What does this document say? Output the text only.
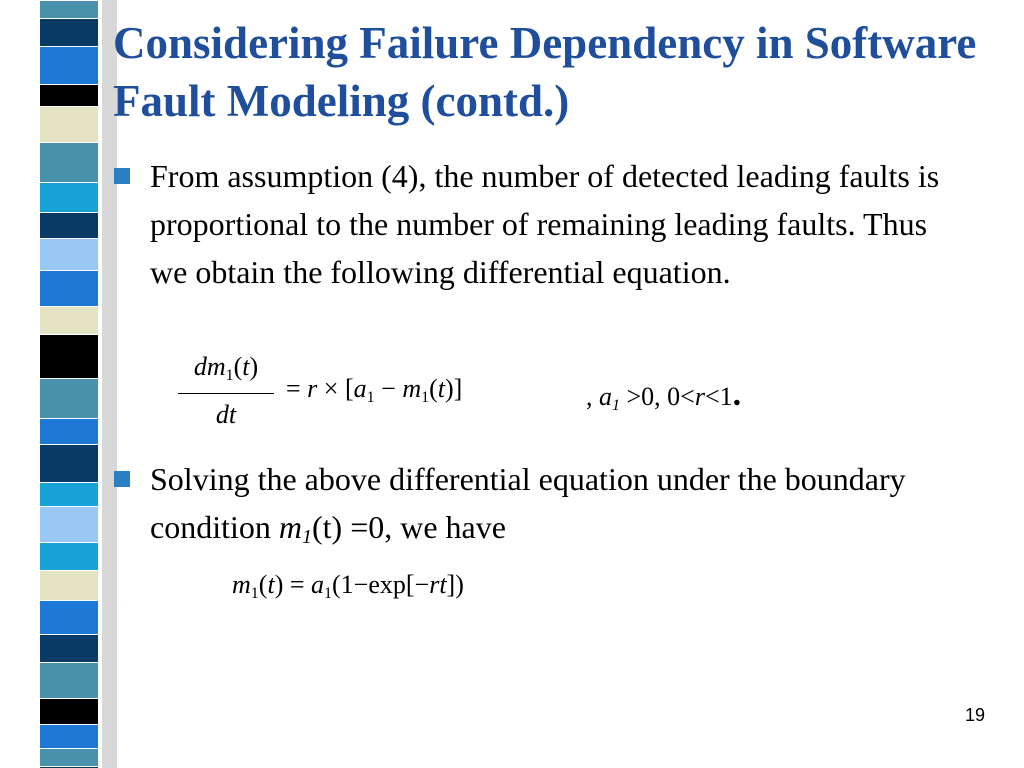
Considering Failure Dependency in Software Fault Modeling (contd.)
From assumption (4), the number of detected leading faults is proportional to the number of remaining leading faults. Thus we obtain the following differential equation.
$dm_1(t)$
dt
= $r \times [a_1 - m_1(t)]$	, $a_1 >0$, 0<r<1.
Solving the above differential equation under the boundary condition $m_1(t) =0$, we have
$m_1(t) = a_1(1-\exp[-rt])$
19
